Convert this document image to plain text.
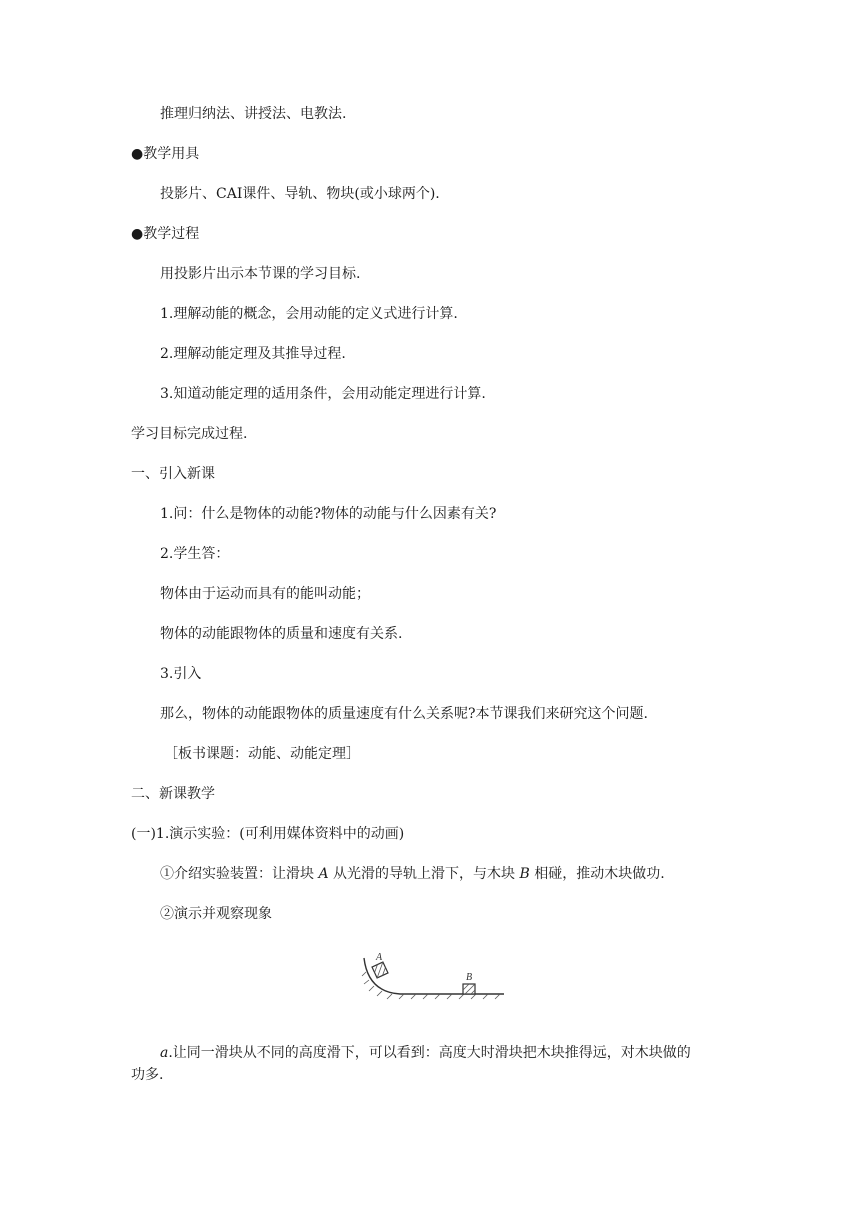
推理归纳法、讲授法、电教法.
●教学用具
投影片、CAI课件、导轨、物块(或小球两个).
●教学过程
用投影片出示本节课的学习目标.
1.理解动能的概念，会用动能的定义式进行计算.
2.理解动能定理及其推导过程.
3.知道动能定理的适用条件，会用动能定理进行计算.
学习目标完成过程.
一、引入新课
1.问：什么是物体的动能?物体的动能与什么因素有关?
2.学生答：
物体由于运动而具有的能叫动能；
物体的动能跟物体的质量和速度有关系.
3.引入
那么，物体的动能跟物体的质量速度有什么关系呢?本节课我们来研究这个问题.
［板书课题：动能、动能定理］
二、新课教学
(一)1.演示实验：(可利用媒体资料中的动画)
①介绍实验装置：让滑块 A 从光滑的导轨上滑下，与木块 B 相碰，推动木块做功.
②演示并观察现象
A
B
a.让同一滑块从不同的高度滑下，可以看到：高度大时滑块把木块推得远，对木块做的
功多.
